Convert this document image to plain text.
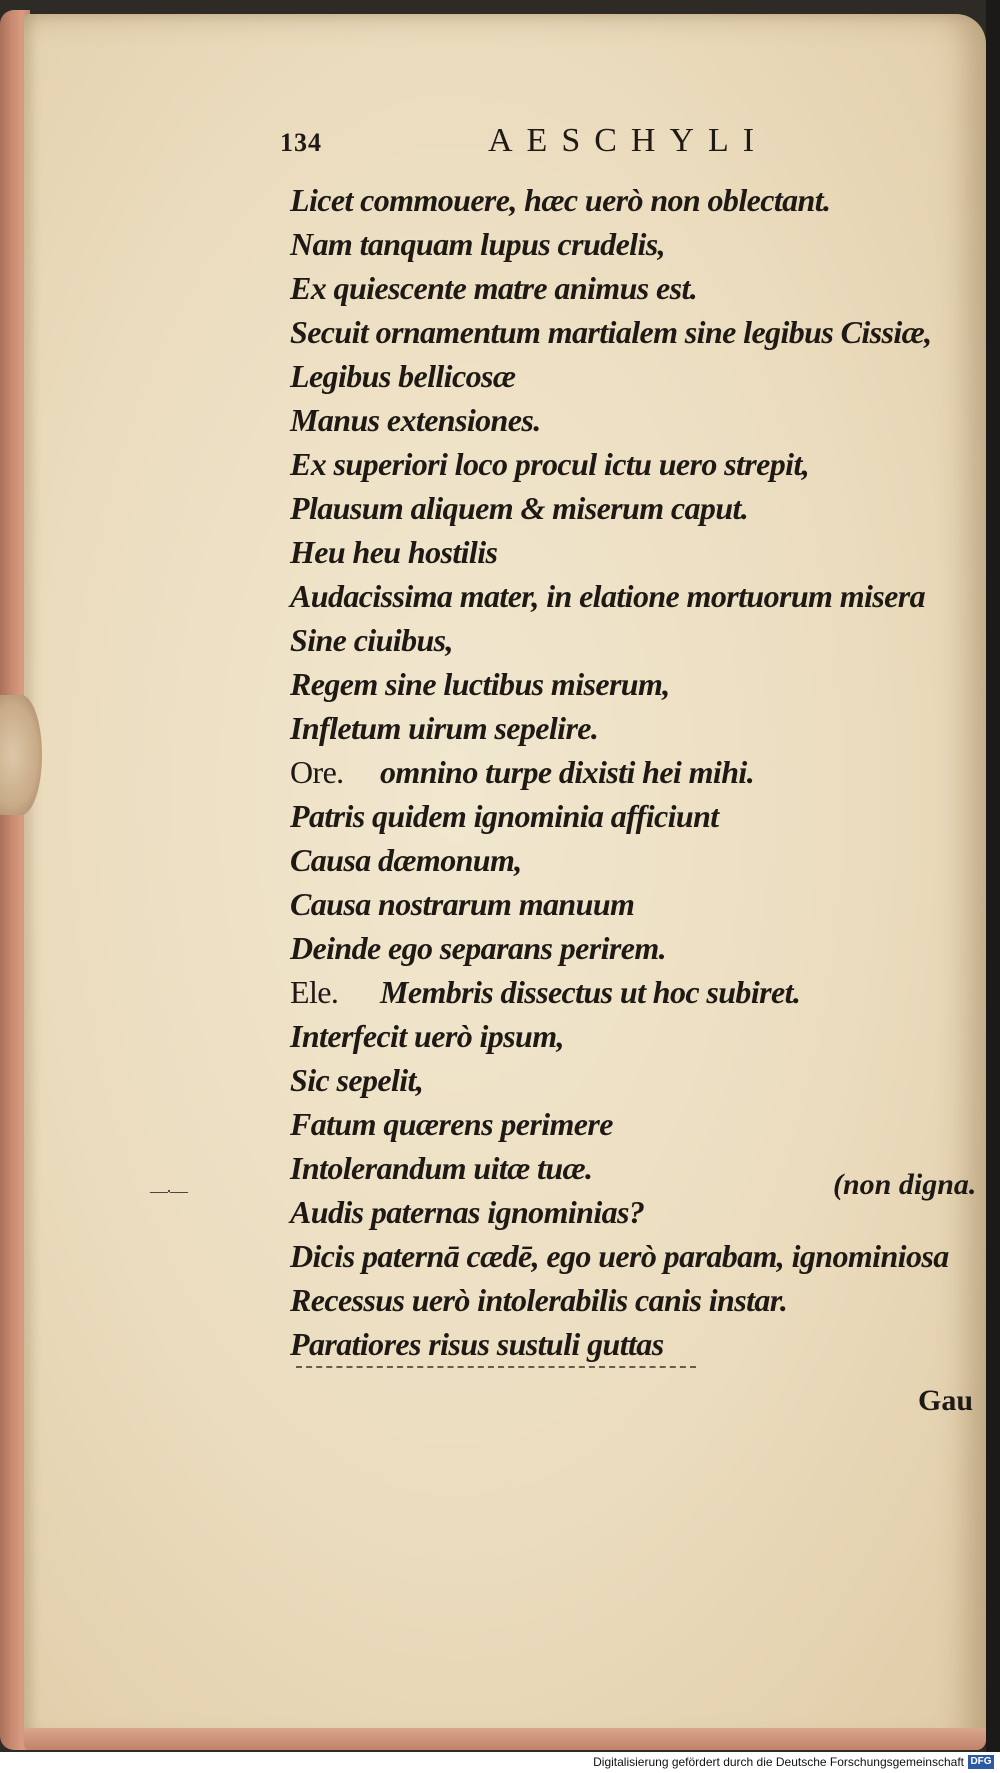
134	AESCHYLI
Licet commouere, hæc uerò non oblectant.
Nam tanquam lupus crudelis,
Ex quiescente matre animus est.
Secuit ornamentum martialem sine legibus Cissiæ,
Legibus bellicosæ
Manus extensiones.
Ex superiori loco procul ictu uero strepit,
Plausum aliquem & miserum caput.
Heu heu hostilis
Audacissima mater, in elatione mortuorum misera
Sine ciuibus,
Regem sine luctibus miserum,
Infletum uirum sepelire.
Ore. omnino turpe dixisti hei mihi.
Patris quidem ignominia afficiunt
Causa dæmonum,
Causa nostrarum manuum
Deinde ego separans perirem.
Ele. Membris dissectus ut hoc subiret.
Interfecit uerò ipsum,
Sic sepelit,
Fatum quærens perimere
Intolerandum uitæ tuæ.
Audis paternas ignominias?
Dicis paternā cædē, ego uerò parabam, ignominiosa
Recessus uerò intolerabilis canis instar.
Paratiores risus sustuli guttas
—·—	(non digna.
Gau
Digitalisierung gefördert durch die Deutsche Forschungsgemeinschaft DFG
